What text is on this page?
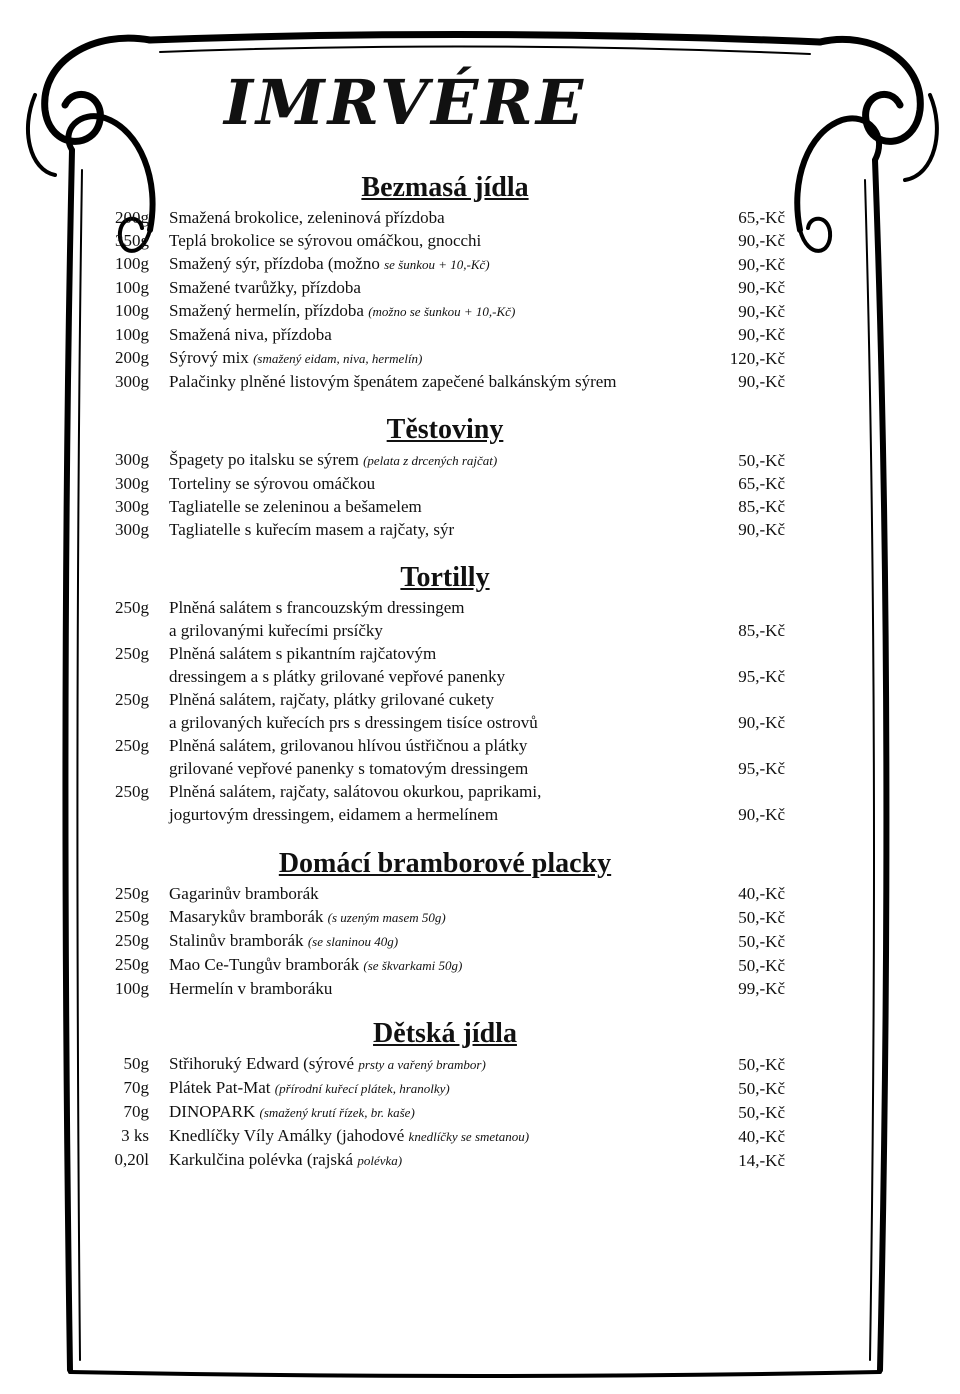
IMRVÉRE
Bezmasá jídla
200g Smažená brokolice, zeleninová přízdoba	65,-Kč
350g Teplá brokolice se sýrovou omáčkou, gnocchi	90,-Kč
100g Smažený sýr, přízdoba (možno se šunkou + 10,-Kč)	90,-Kč
100g Smažené tvarůžky, přízdoba	90,-Kč
100g Smažený hermelín, přízdoba (možno se šunkou + 10,-Kč)	90,-Kč
100g Smažená niva, přízdoba	90,-Kč
200g Sýrový mix (smažený eidam, niva, hermelín)	120,-Kč
300g Palačinky plněné listovým špenátem zapečené balkánským sýrem	90,-Kč
Těstoviny
300g Špagety po italsku se sýrem (pelata z drcených rajčat)	50,-Kč
300g Torteliny se sýrovou omáčkou	65,-Kč
300g Tagliatelle se zeleninou a bešamelem	85,-Kč
300g Tagliatelle s kuřecím masem a rajčaty, sýr	90,-Kč
Tortilly
250g Plněná salátem s francouzským dressingem
a grilovanými kuřecími prsíčky	85,-Kč
250g Plněná salátem s pikantním rajčatovým
dressingem a s plátky grilované vepřové panenky	95,-Kč
250g Plněná salátem, rajčaty, plátky grilované cukety
a grilovaných kuřecích prs s dressingem tisíce ostrovů	90,-Kč
250g Plněná salátem, grilovanou hlívou ústřičnou a plátky
grilované vepřové panenky s tomatovým dressingem	95,-Kč
250g Plněná salátem, rajčaty, salátovou okurkou, paprikami,
jogurtovým dressingem, eidamem a hermelínem	90,-Kč
Domácí bramborové placky
250g Gagarinův bramborák	40,-Kč
250g Masarykův bramborák (s uzeným masem 50g)	50,-Kč
250g Stalinův bramborák (se slaninou 40g)	50,-Kč
250g Mao Ce-Tungův bramborák (se škvarkami 50g)	50,-Kč
100g Hermelín v bramboráku	99,-Kč
Dětská jídla
50g Střihoruký Edward (sýrové prsty a vařený brambor)	50,-Kč
70g Plátek Pat-Mat (přírodní kuřecí plátek, hranolky)	50,-Kč
70g DINOPARK (smažený krutí řízek, br. kaše)	50,-Kč
3 ks Knedlíčky Víly Amálky (jahodové knedlíčky se smetanou)	40,-Kč
0,20l Karkulčina polévka (rajská polévka)	14,-Kč
